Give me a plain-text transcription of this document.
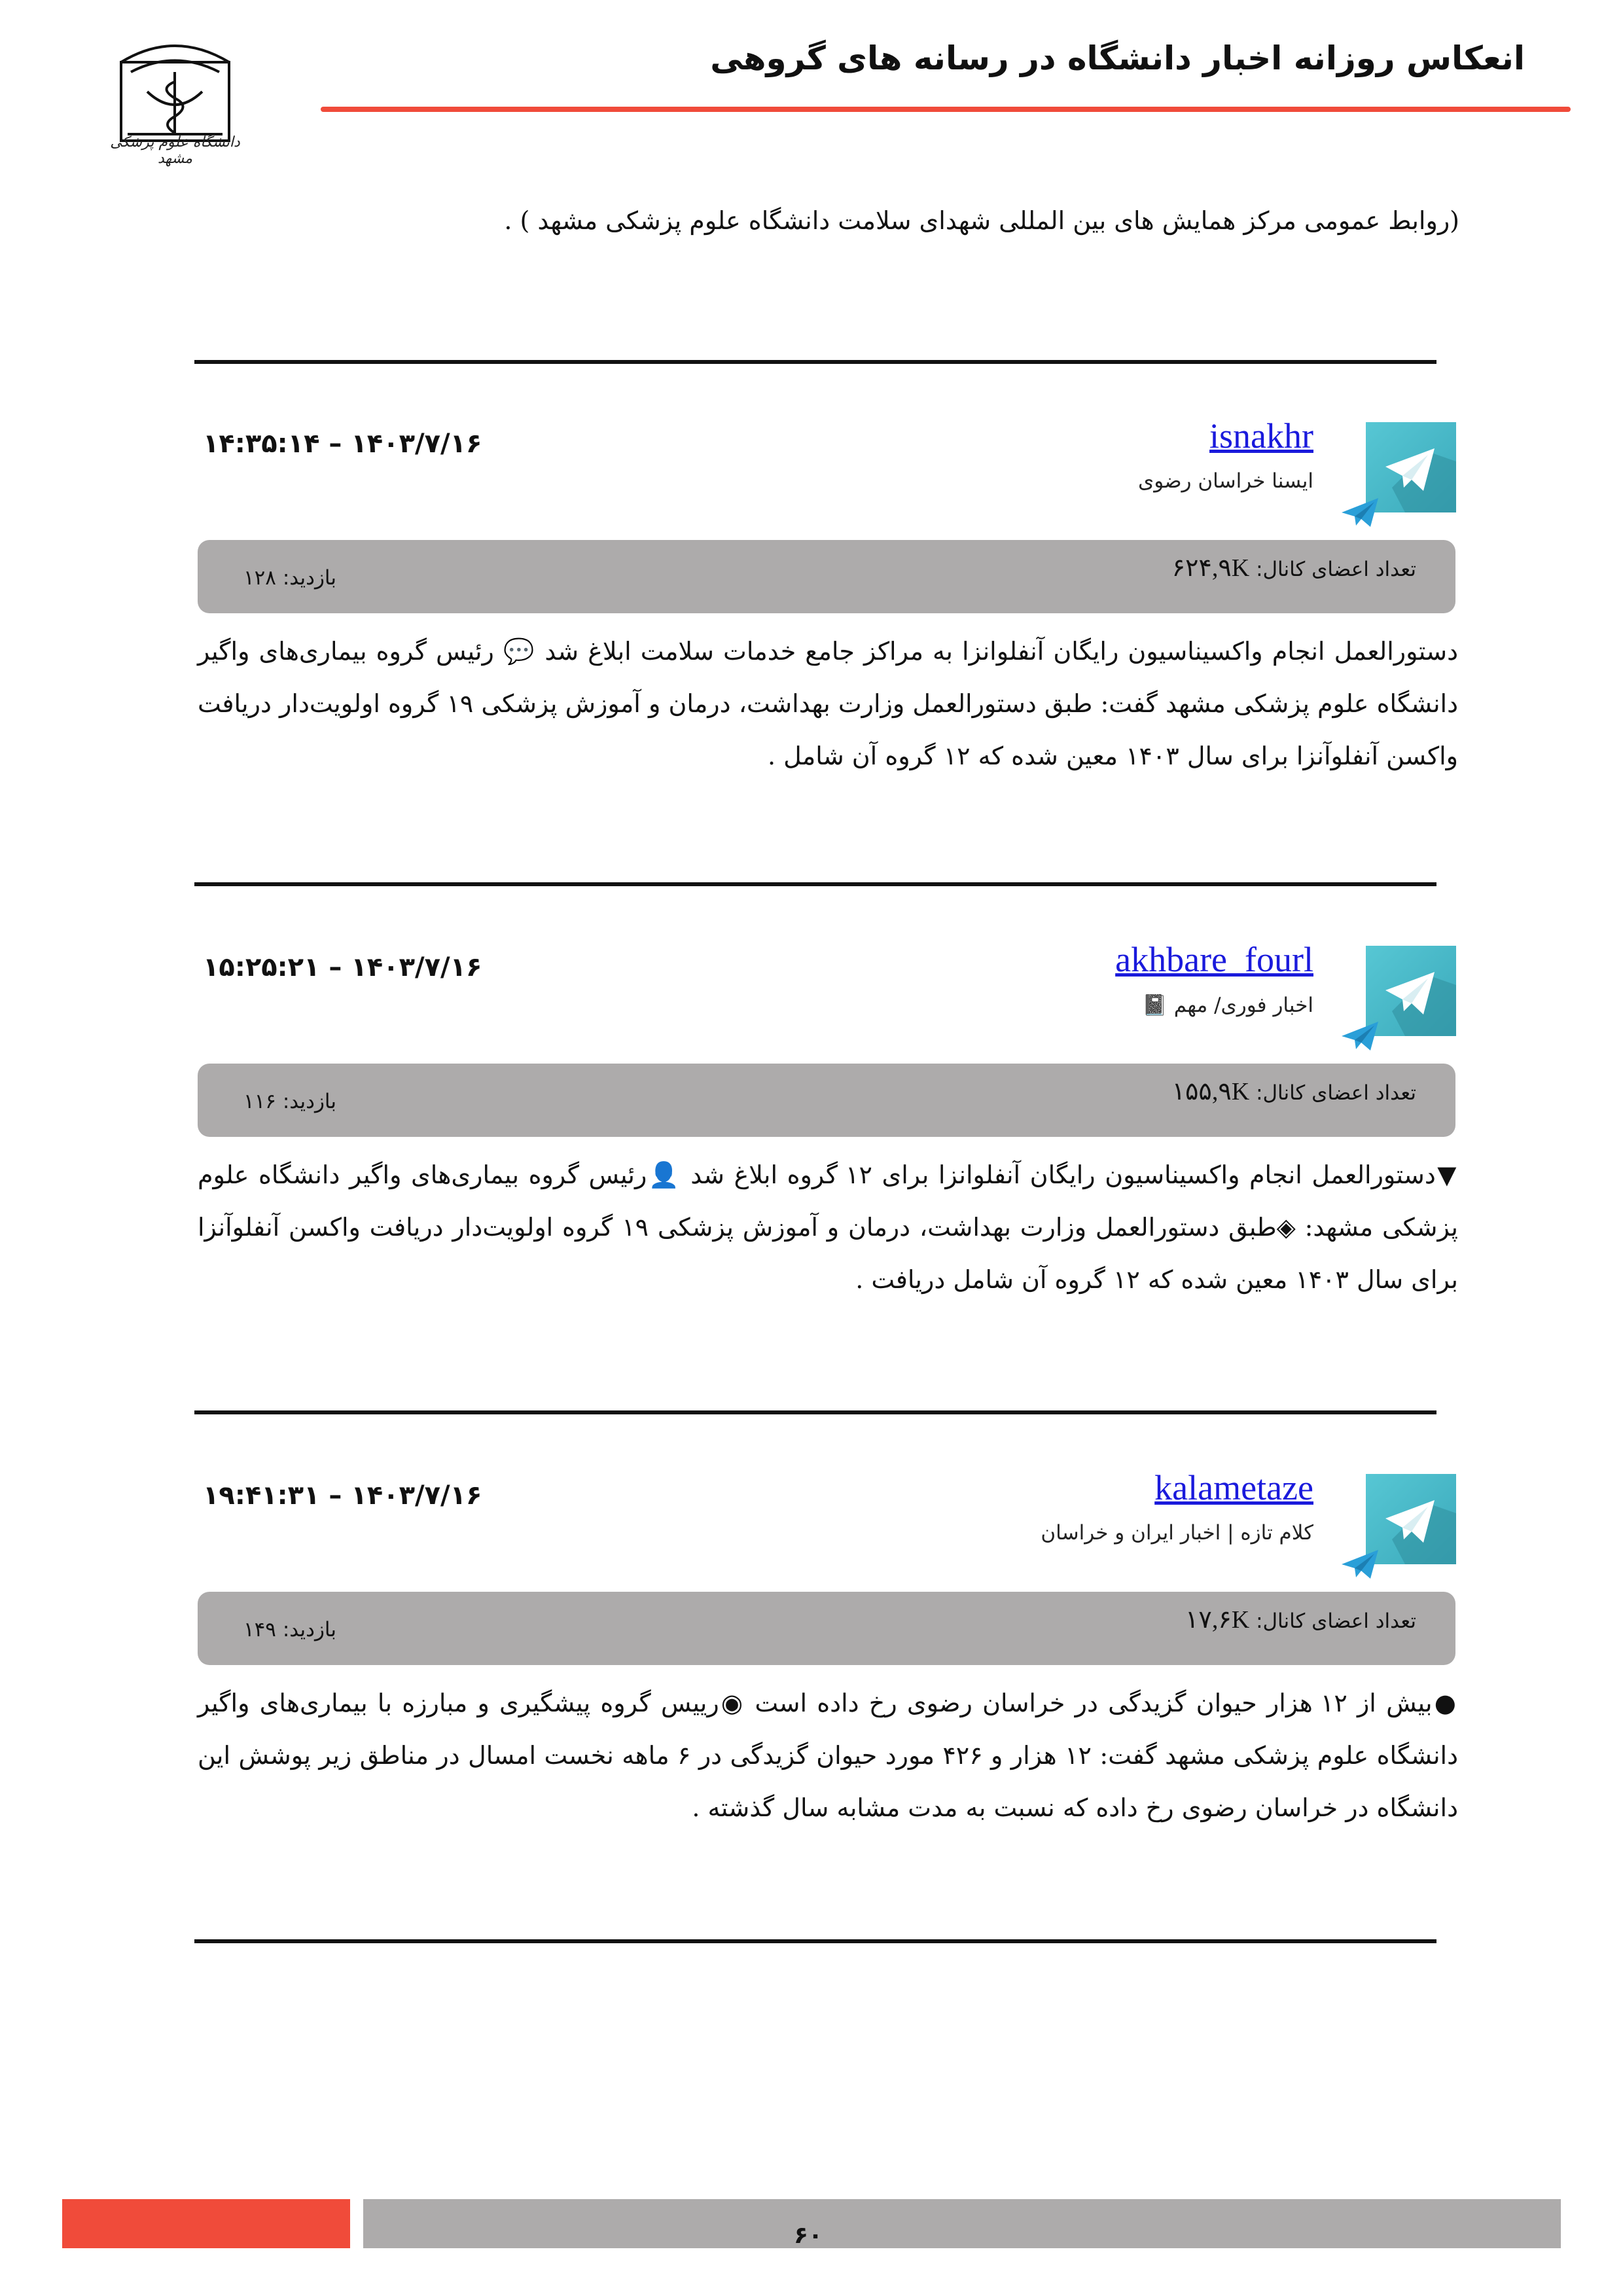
دانشگاه علوم پزشکی مشهد
انعکاس روزانه اخبار دانشگاه در رسانه های گروهی
(روابط عمومی مرکز همایش های بین المللی شهدای سلامت دانشگاه علوم پزشکی مشهد ) .
isnakhr
ایسنا خراسان رضوی
۱۴:۳۵:۱۴ – ۱۴۰۳/۷/۱۶
تعداد اعضای کانال: ۶۲۴,۹K
بازدید: ۱۲۸
دستورالعمل انجام واکسیناسیون رایگان آنفلوانزا به مراکز جامع خدمات سلامت ابلاغ شد 💬 رئیس گروه بیماری‌های واگیر دانشگاه علوم پزشکی مشهد گفت: طبق دستورالعمل وزارت بهداشت، درمان و آموزش پزشکی ۱۹ گروه اولویت‌دار دریافت واکسن آنفلوآنزا برای سال ۱۴۰۳ معین شده که ۱۲ گروه آن شامل .
akhbare_fourl
اخبار فوری/ مهم 📓
۱۵:۲۵:۲۱ – ۱۴۰۳/۷/۱۶
تعداد اعضای کانال: ۱۵۵,۹K
بازدید: ۱۱۶
▼دستورالعمل انجام واکسیناسیون رایگان آنفلوانزا برای ۱۲ گروه ابلاغ شد 👤رئیس گروه بیماری‌های واگیر دانشگاه علوم پزشکی مشهد: ◈طبق دستورالعمل وزارت بهداشت، درمان و آموزش پزشکی ۱۹ گروه اولویت‌دار دریافت واکسن آنفلوآنزا برای سال ۱۴۰۳ معین شده که ۱۲ گروه آن شامل دریافت .
kalametaze
کلام تازه | اخبار ایران و خراسان
۱۹:۴۱:۳۱ – ۱۴۰۳/۷/۱۶
تعداد اعضای کانال: ۱۷,۶K
بازدید: ۱۴۹
●بیش از ۱۲ هزار حیوان گزیدگی در خراسان رضوی رخ داده است ◉رییس گروه پیشگیری و مبارزه با بیماری‌های واگیر دانشگاه علوم پزشکی مشهد گفت: ۱۲ هزار و ۴۲۶ مورد حیوان گزیدگی در ۶ ماهه نخست امسال در مناطق زیر پوشش این دانشگاه در خراسان رضوی رخ داده که نسبت به مدت مشابه سال گذشته .
۶۰
